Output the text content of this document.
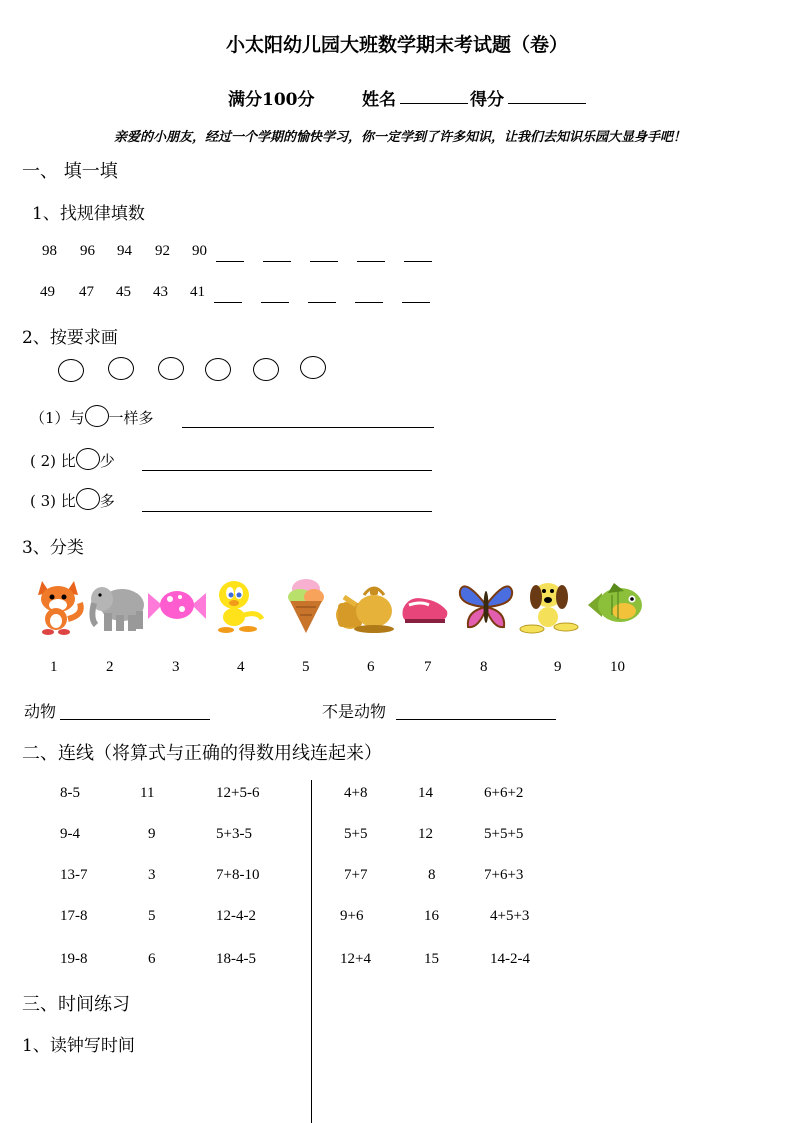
小太阳幼儿园大班数学期末考试题（卷）
满分100分	姓名	得分
亲爱的小朋友，经过一个学期的愉快学习，你一定学到了许多知识，让我们去知识乐园大显身手吧！
一、 填一填
1、找规律填数
98 96 94 92 90
49 47 45 43 41
2、按要求画
（1）与 一样多
( 2) 比 少
( 3) 比 多
3、分类
1	2	3	4	5	6	7	8	9	10
动物	不是动物
二、连线（将算式与正确的得数用线连起来）
8-5	11	12+5-6
9-4	9	5+3-5
13-7	3	7+8-10
17-8	5	12-4-2
19-8	6	18-4-5
4+8	14	6+6+2
5+5	12	5+5+5
7+7	8	7+6+3
9+6	16	4+5+3
12+4	15	14-2-4
三、时间练习
1、读钟写时间
